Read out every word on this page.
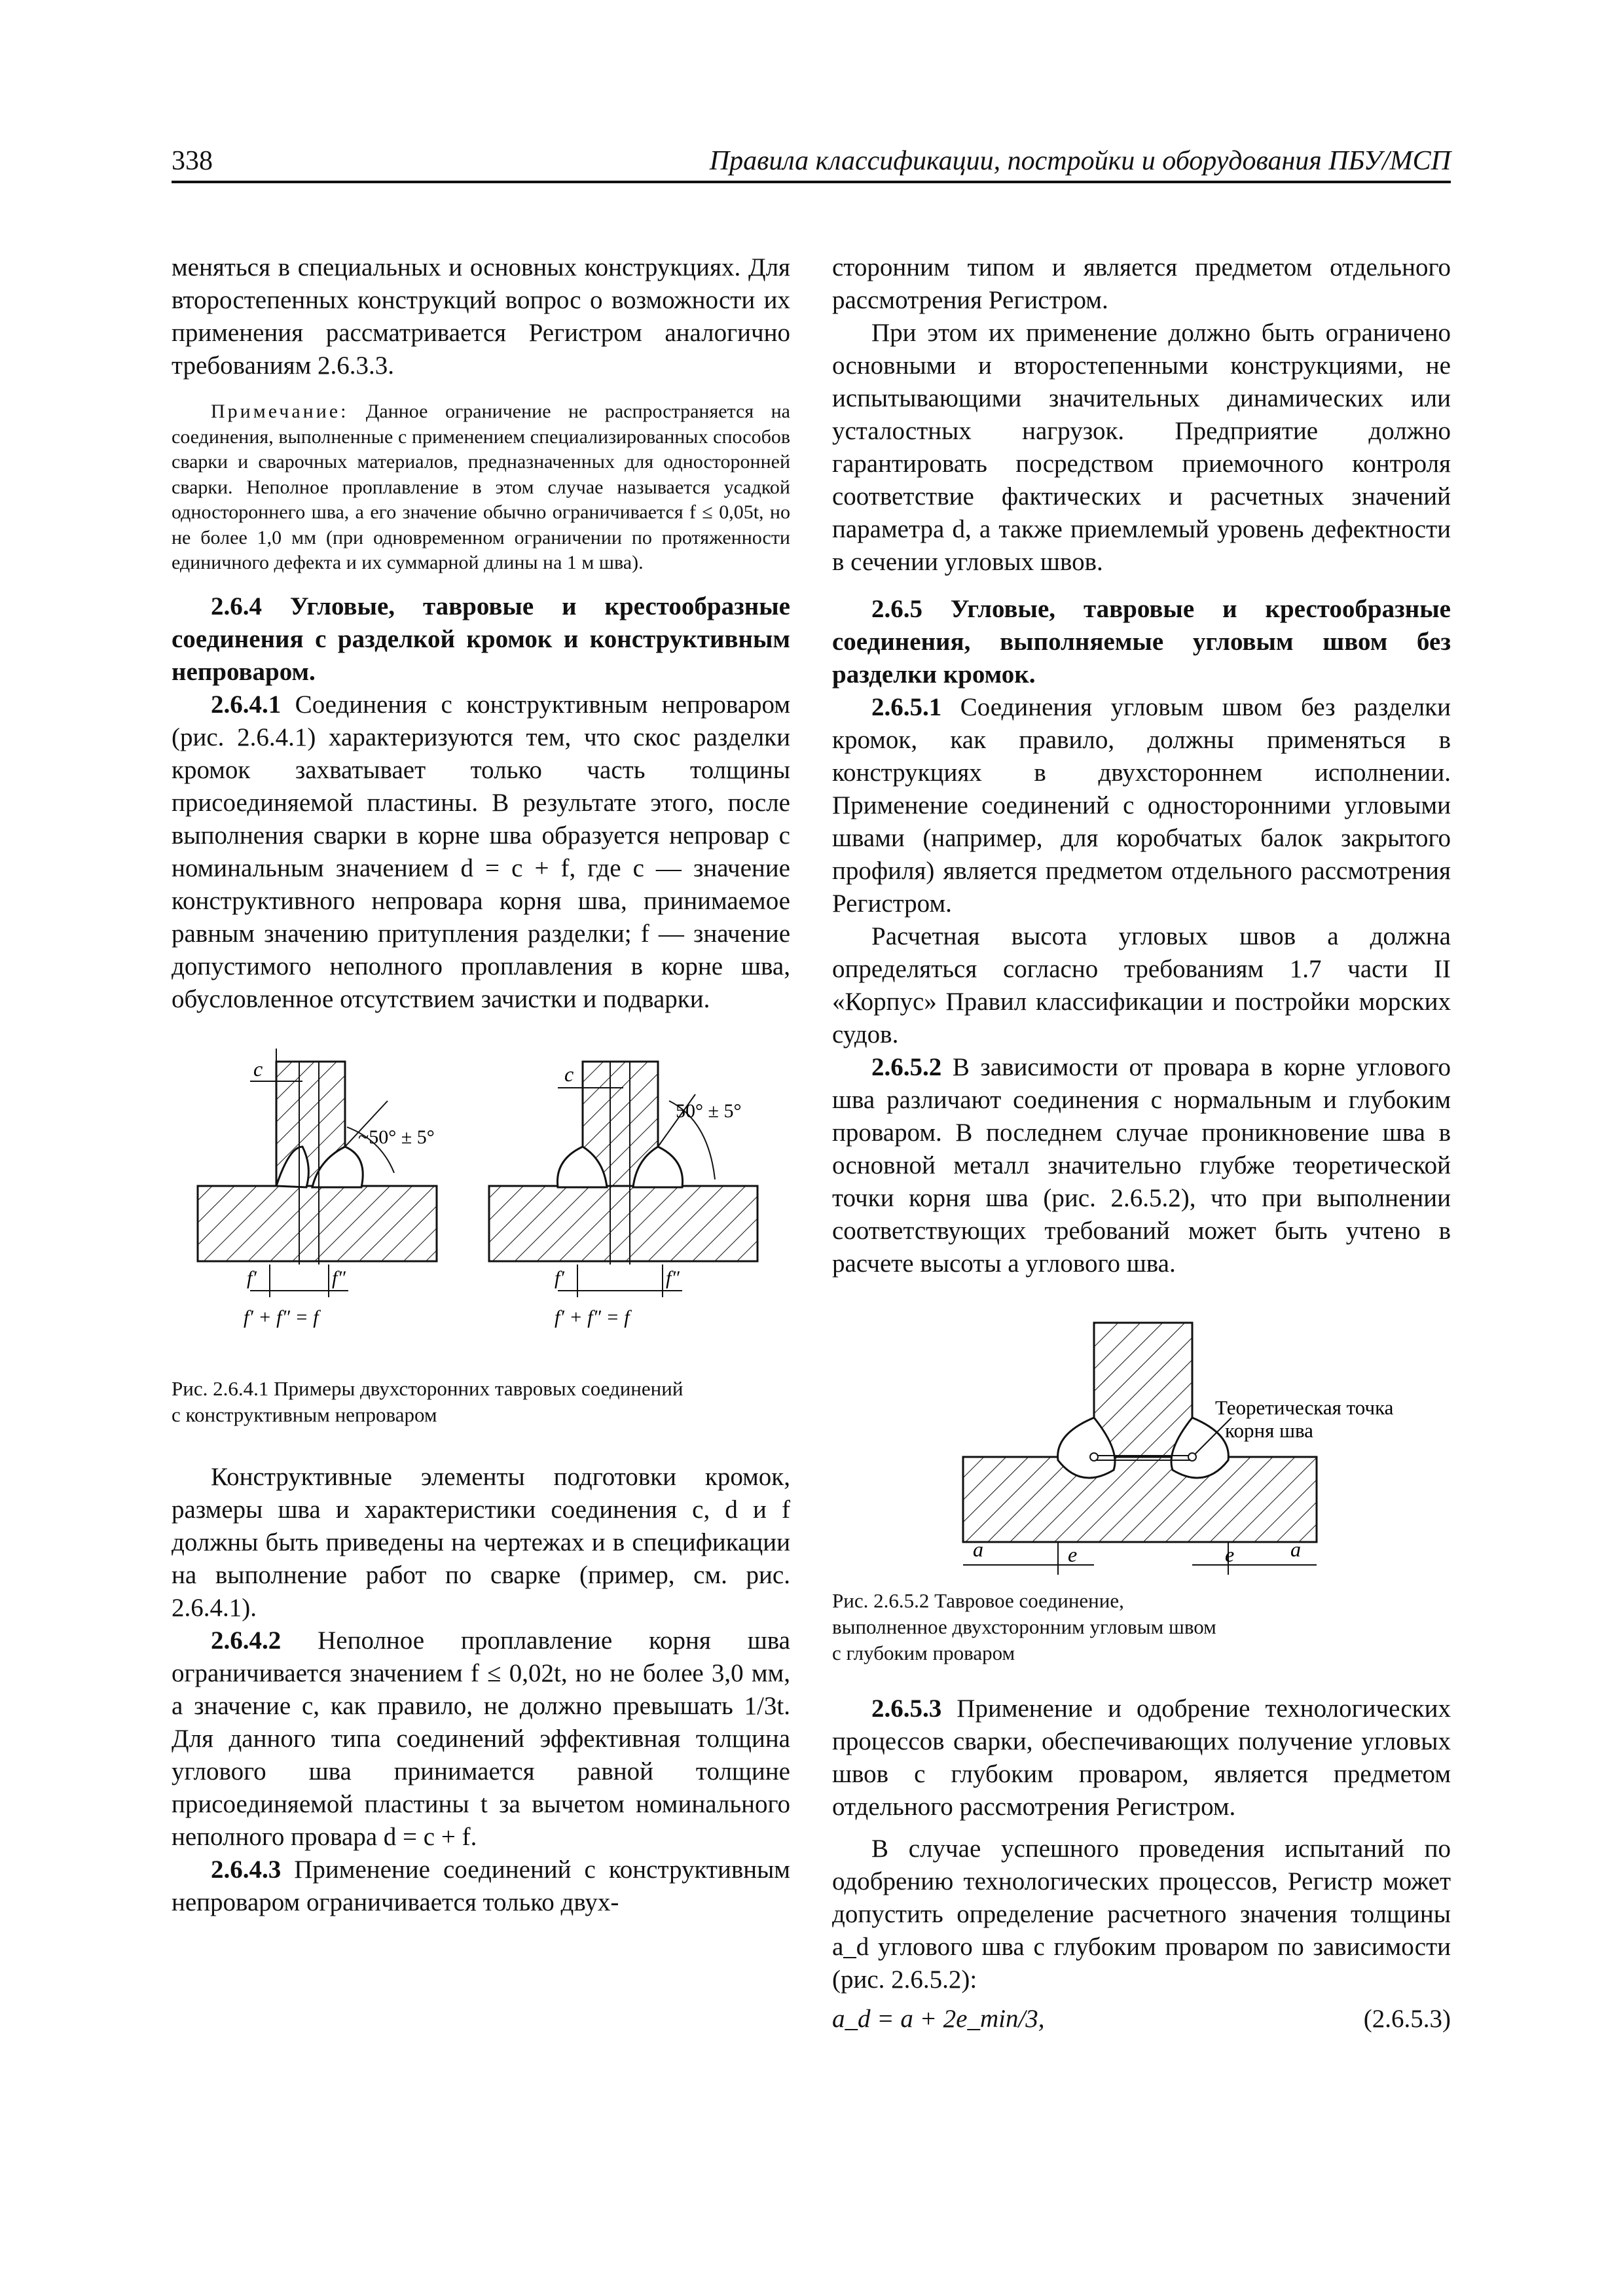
338	Правила классификации, постройки и оборудования ПБУ/МСП

меняться в специальных и основных конструкциях. Для второстепенных конструкций вопрос о возможности их применения рассматривается Регистром аналогично требованиям 2.6.3.3.

Примечание: Данное ограничение не распространяется на соединения, выполненные с применением специализированных способов сварки и сварочных материалов, предназначенных для односторонней сварки. Неполное проплавление в этом случае называется усадкой одностороннего шва, а его значение обычно ограничивается f ≤ 0,05t, но не более 1,0 мм (при одновременном ограничении по протяженности единичного дефекта и их суммарной длины на 1 м шва).

2.6.4 Угловые, тавровые и крестообразные соединения с разделкой кромок и конструктивным непроваром.

2.6.4.1 Соединения с конструктивным непроваром (рис. 2.6.4.1) характеризуются тем, что скос разделки кромок захватывает только часть толщины присоединяемой пластины. В результате этого, после выполнения сварки в корне шва образуется непровар с номинальным значением d = c + f, где c — значение конструктивного непровара корня шва, принимаемое равным значению притупления разделки; f — значение допустимого неполного проплавления в корне шва, обусловленное отсутствием зачистки и подварки.

c
~50° ± 5°
f′	f″
f′ + f″ = f
c
50° ± 5°
f′	f″
f′ + f″ = f

Рис. 2.6.4.1 Примеры двухсторонних тавровых соединений
с конструктивным непроваром

Конструктивные элементы подготовки кромок, размеры шва и характеристики соединения c, d и f должны быть приведены на чертежах и в спецификации на выполнение работ по сварке (пример, см. рис. 2.6.4.1).

2.6.4.2 Неполное проплавление корня шва ограничивается значением f ≤ 0,02t, но не более 3,0 мм, а значение c, как правило, не должно превышать 1/3t. Для данного типа соединений эффективная толщина углового шва принимается равной толщине присоединяемой пластины t за вычетом номинального неполного провара d = c + f.

2.6.4.3 Применение соединений с конструктивным непроваром ограничивается только двух-

сторонним типом и является предметом отдельного рассмотрения Регистром.

При этом их применение должно быть ограничено основными и второстепенными конструкциями, не испытывающими значительных динамических или усталостных нагрузок. Предприятие должно гарантировать посредством приемочного контроля соответствие фактических и расчетных значений параметра d, а также приемлемый уровень дефектности в сечении угловых швов.

2.6.5 Угловые, тавровые и крестообразные соединения, выполняемые угловым швом без разделки кромок.

2.6.5.1 Соединения угловым швом без разделки кромок, как правило, должны применяться в конструкциях в двухстороннем исполнении. Применение соединений с односторонними угловыми швами (например, для коробчатых балок закрытого профиля) является предметом отдельного рассмотрения Регистром.

Расчетная высота угловых швов a должна определяться согласно требованиям 1.7 части II «Корпус» Правил классификации и постройки морских судов.

2.6.5.2 В зависимости от провара в корне углового шва различают соединения с нормальным и глубоким проваром. В последнем случае проникновение шва в основной металл значительно глубже теоретической точки корня шва (рис. 2.6.5.2), что при выполнении соответствующих требований может быть учтено в расчете высоты a углового шва.

Теоретическая точка
корня шва
a	e	e	a

Рис. 2.6.5.2 Тавровое соединение,
выполненное двухсторонним угловым швом
с глубоким проваром

2.6.5.3 Применение и одобрение технологических процессов сварки, обеспечивающих получение угловых швов с глубоким проваром, является предметом отдельного рассмотрения Регистром.

В случае успешного проведения испытаний по одобрению технологических процессов, Регистр может допустить определение расчетного значения толщины a_d углового шва с глубоким проваром по зависимости (рис. 2.6.5.2):

a_d = a + 2e_min/3,	(2.6.5.3)
